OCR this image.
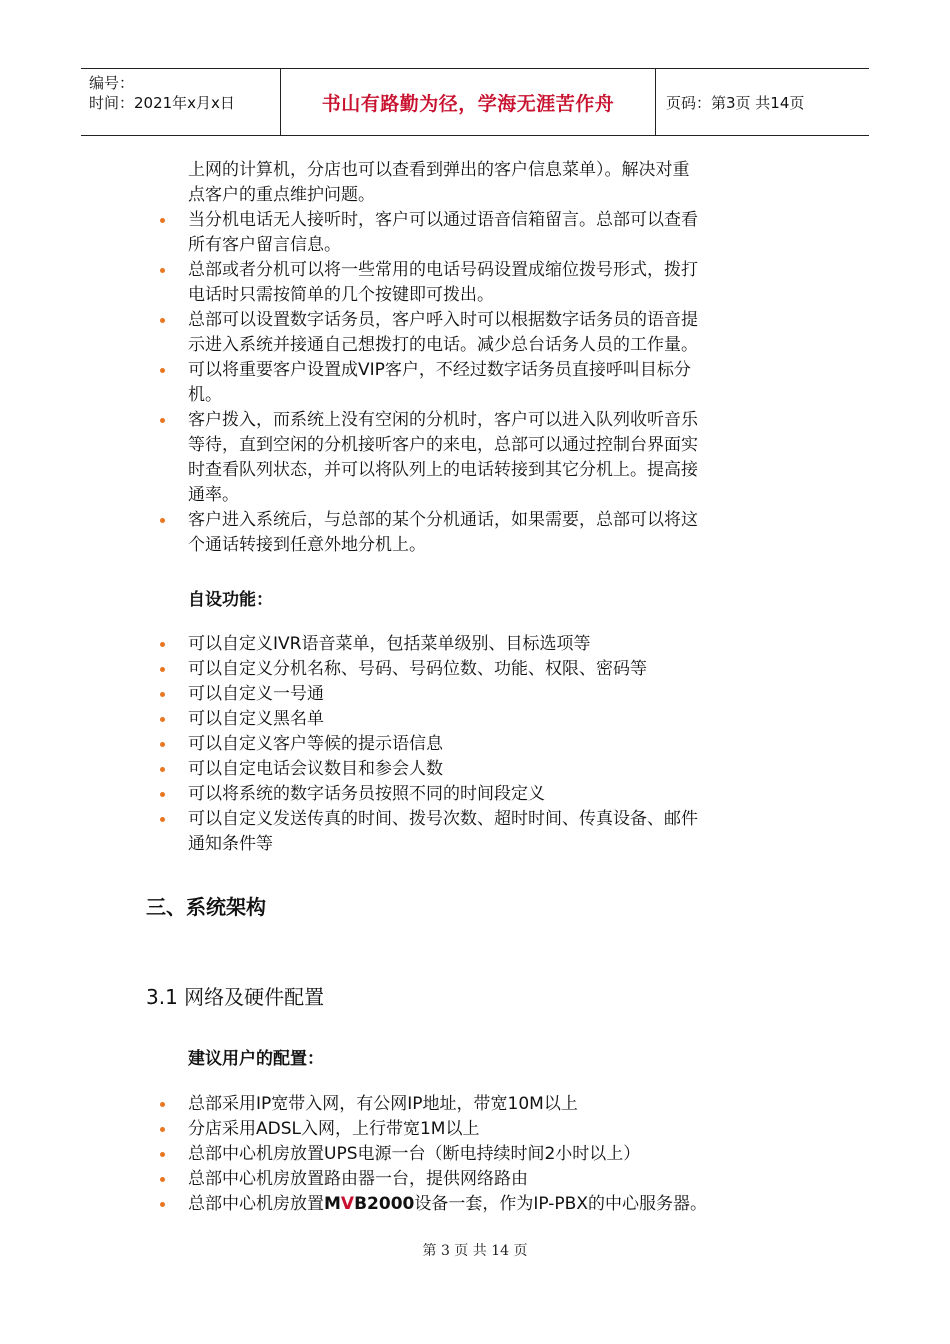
编号：
时间：2021年x月x日	书山有路勤为径，学海无涯苦作舟	页码：第3页 共14页

上网的计算机，分店也可以查看到弹出的客户信息菜单）。解决对重

点客户的重点维护问题。

当分机电话无人接听时，客户可以通过语音信箱留言。总部可以查看
所有客户留言信息。
总部或者分机可以将一些常用的电话号码设置成缩位拨号形式，拨打
电话时只需按简单的几个按键即可拨出。
总部可以设置数字话务员，客户呼入时可以根据数字话务员的语音提
示进入系统并接通自己想拨打的电话。减少总台话务人员的工作量。
可以将重要客户设置成VIP客户，不经过数字话务员直接呼叫目标分
机。
客户拨入，而系统上没有空闲的分机时，客户可以进入队列收听音乐
等待，直到空闲的分机接听客户的来电，总部可以通过控制台界面实
时查看队列状态，并可以将队列上的电话转接到其它分机上。提高接
通率。
客户进入系统后，与总部的某个分机通话，如果需要，总部可以将这
个通话转接到任意外地分机上。
自设功能：
可以自定义IVR语音菜单，包括菜单级别、目标选项等
可以自定义分机名称、号码、号码位数、功能、权限、密码等
可以自定义一号通
可以自定义黑名单
可以自定义客户等候的提示语信息
可以自定电话会议数目和参会人数
可以将系统的数字话务员按照不同的时间段定义
可以自定义发送传真的时间、拨号次数、超时时间、传真设备、邮件
通知条件等
三、系统架构
3.1 网络及硬件配置
建议用户的配置：
总部采用IP宽带入网，有公网IP地址，带宽10M以上
分店采用ADSL入网，上行带宽1M以上
总部中心机房放置UPS电源一台（断电持续时间2小时以上）
总部中心机房放置路由器一台，提供网络路由
总部中心机房放置MVB2000设备一套，作为IP-PBX的中心服务器。
第 3 页 共 14 页
